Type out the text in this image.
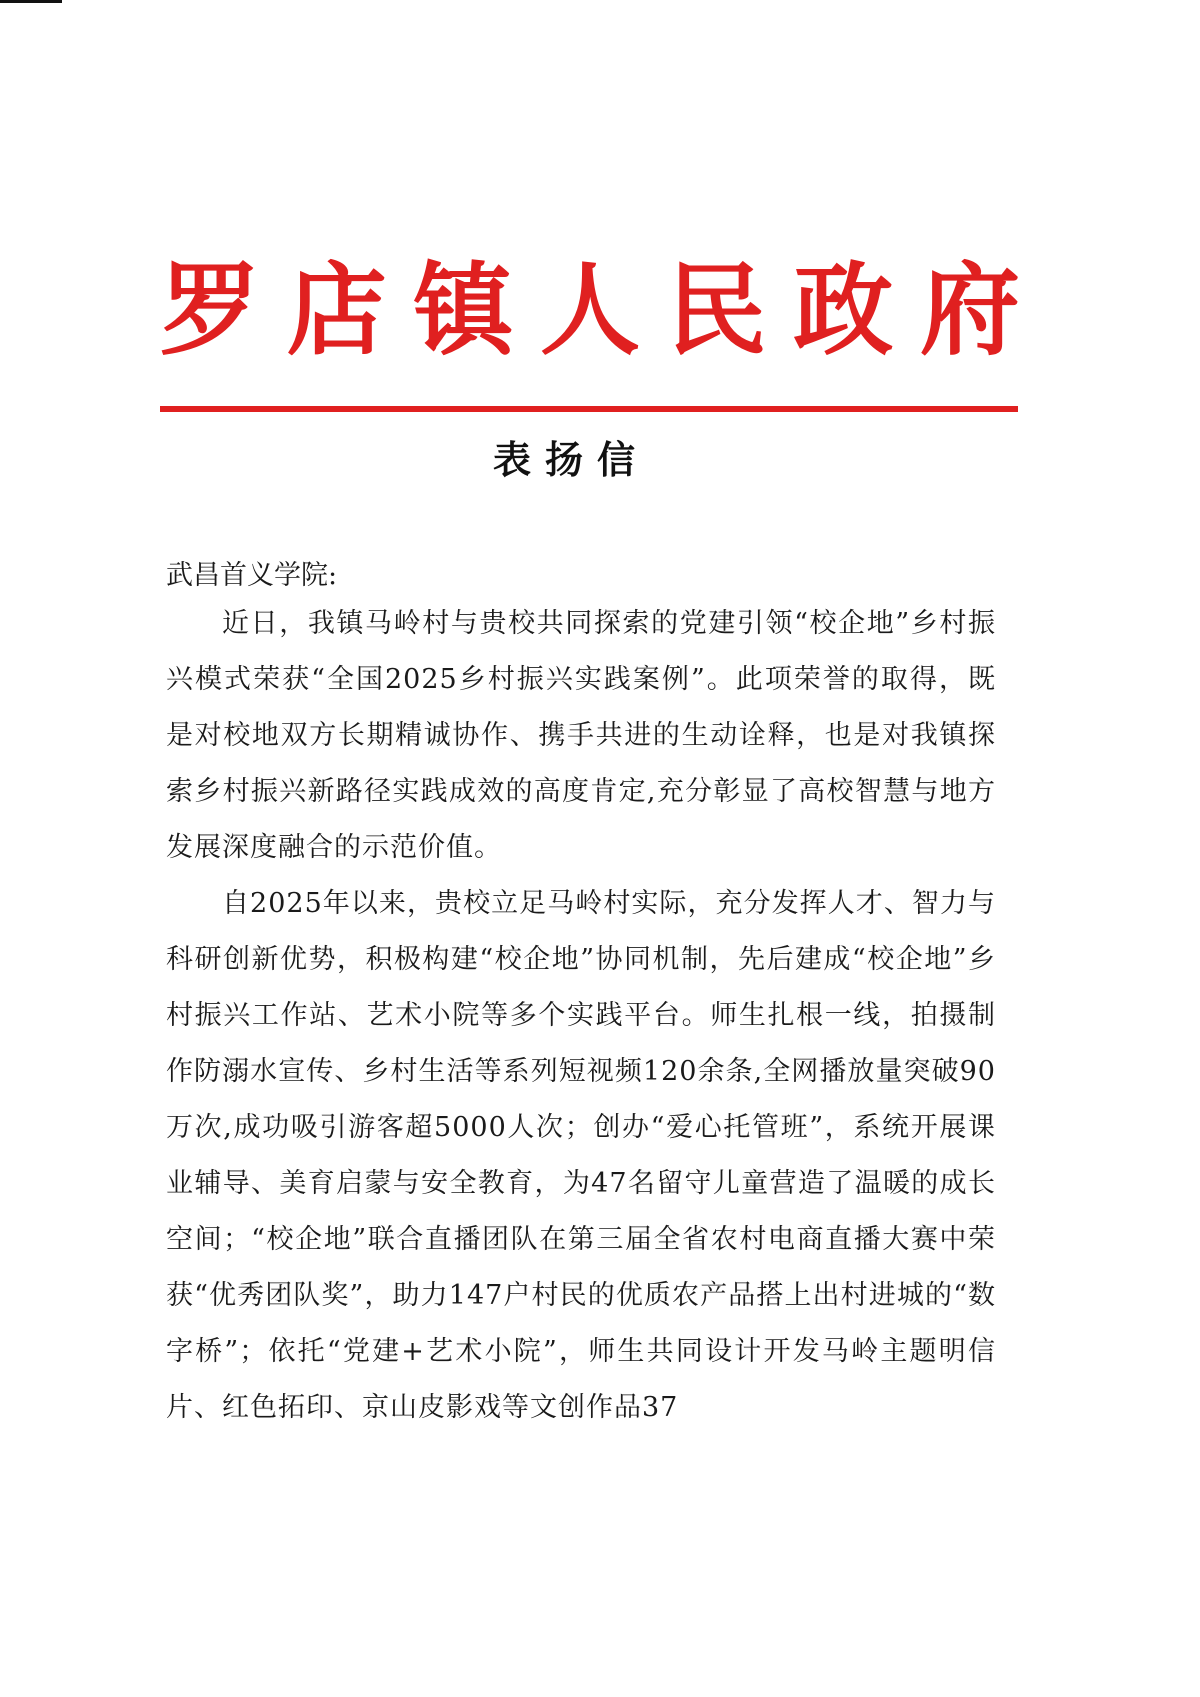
罗 店 镇 人 民 政 府
表扬信
武昌首义学院:

近日，我镇马岭村与贵校共同探索的党建引领“校企地”乡村振兴模式荣获“全国2025乡村振兴实践案例”。此项荣誉的取得，既是对校地双方长期精诚协作、携手共进的生动诠释，也是对我镇探索乡村振兴新路径实践成效的高度肯定,充分彰显了高校智慧与地方发展深度融合的示范价值。

自2025年以来，贵校立足马岭村实际，充分发挥人才、智力与科研创新优势，积极构建“校企地”协同机制，先后建成“校企地”乡村振兴工作站、艺术小院等多个实践平台。师生扎根一线，拍摄制作防溺水宣传、乡村生活等系列短视频120余条,全网播放量突破90万次,成功吸引游客超5000人次；创办“爱心托管班”，系统开展课业辅导、美育启蒙与安全教育，为47名留守儿童营造了温暖的成长空间；“校企地”联合直播团队在第三届全省农村电商直播大赛中荣获“优秀团队奖”，助力147户村民的优质农产品搭上出村进城的“数字桥”；依托“党建+艺术小院”，师生共同设计开发马岭主题明信片、红色拓印、京山皮影戏等文创作品37
